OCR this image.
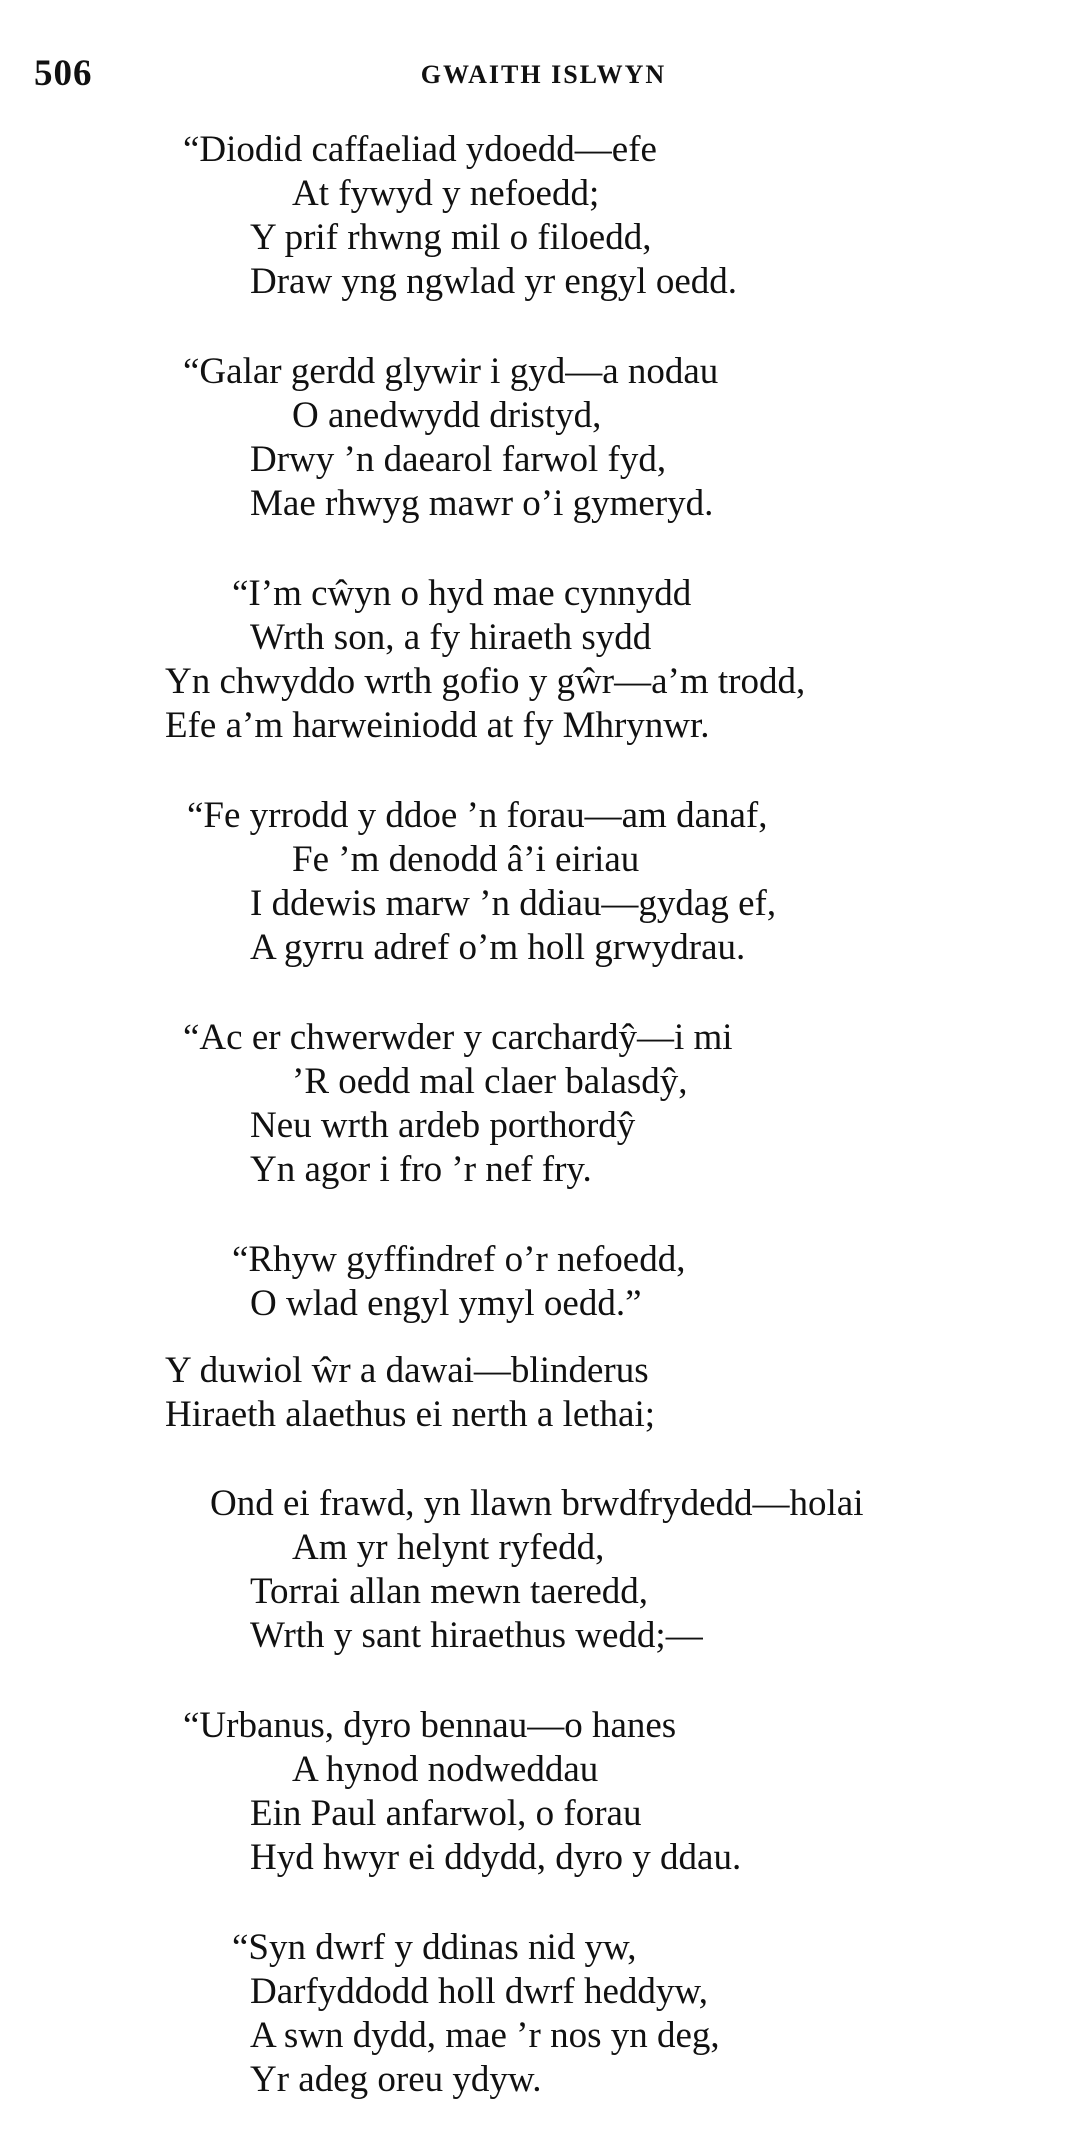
506	GWAITH ISLWYN
“Diodid caffaeliad ydoedd—efe
At fywyd y nefoedd;
Y prif rhwng mil o filoedd,
Draw yng ngwlad yr engyl oedd.
“Galar gerdd glywir i gyd—a nodau
O anedwydd dristyd,
Drwy ’n daearol farwol fyd,
Mae rhwyg mawr o’i gymeryd.
“I’m cŵyn o hyd mae cynnydd
Wrth son, a fy hiraeth sydd
Yn chwyddo wrth gofio y gŵr—a’m trodd,
Efe a’m harweiniodd at fy Mhrynwr.
“Fe yrrodd y ddoe ’n forau—am danaf,
Fe ’m denodd â’i eiriau
I ddewis marw ’n ddiau—gydag ef,
A gyrru adref o’m holl grwydrau.
“Ac er chwerwder y carchardŷ—i mi
’R oedd mal claer balasdŷ,
Neu wrth ardeb porthordŷ
Yn agor i fro ’r nef fry.
“Rhyw gyffindref o’r nefoedd,
O wlad engyl ymyl oedd.”
Y duwiol ŵr a dawai—blinderus
Hiraeth alaethus ei nerth a lethai;
Ond ei frawd, yn llawn brwdfrydedd—holai
Am yr helynt ryfedd,
Torrai allan mewn taeredd,
Wrth y sant hiraethus wedd;—
“Urbanus, dyro bennau—o hanes
A hynod nodweddau
Ein Paul anfarwol, o forau
Hyd hwyr ei ddydd, dyro y ddau.
“Syn dwrf y ddinas nid yw,
Darfyddodd holl dwrf heddyw,
A swn dydd, mae ’r nos yn deg,
Yr adeg oreu ydyw.
